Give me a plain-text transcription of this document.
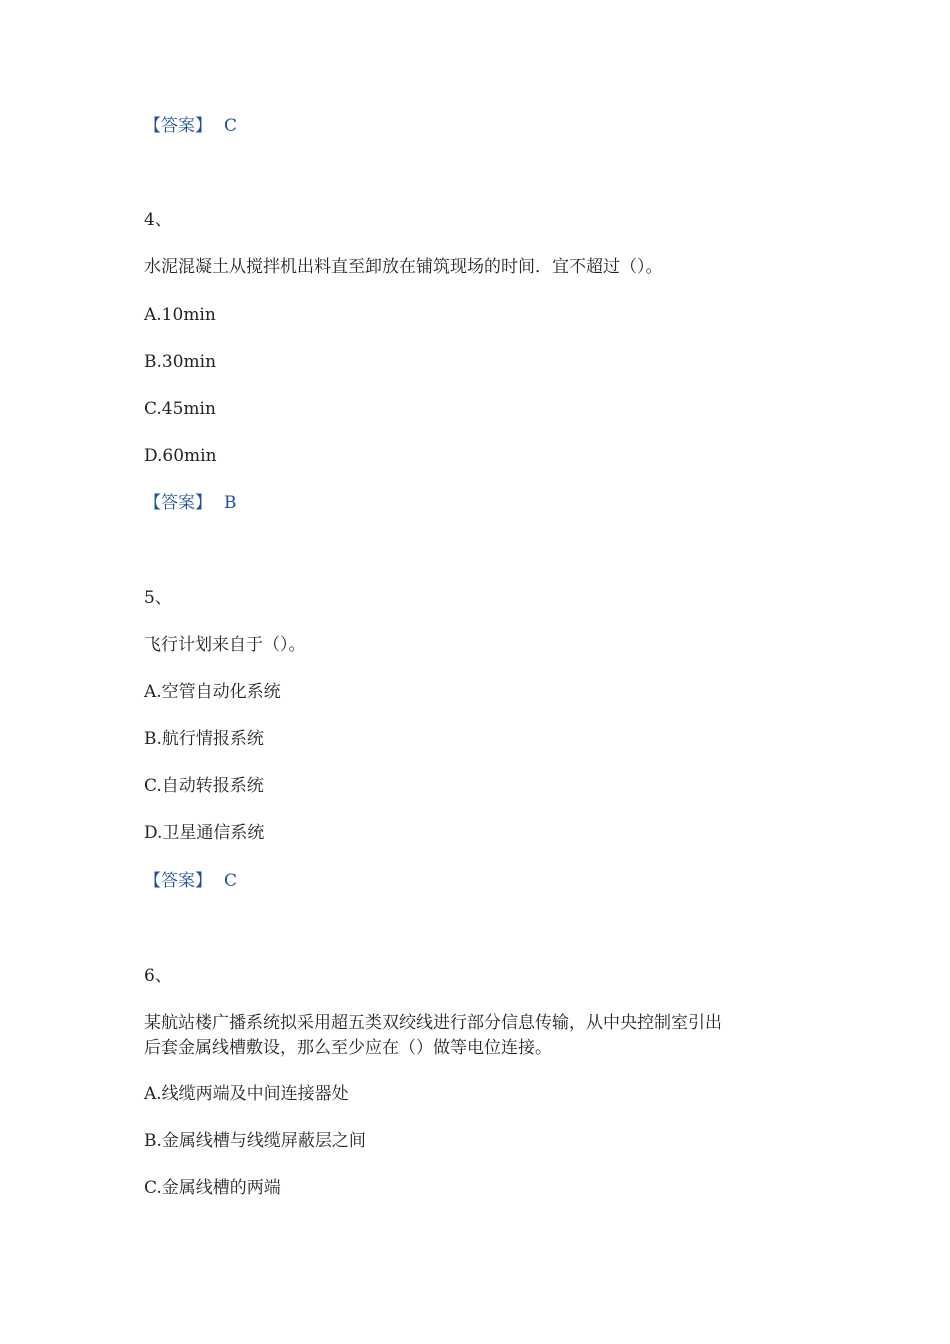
【答案】 C
4、
水泥混凝土从搅拌机出料直至卸放在铺筑现场的时间．宜不超过（）。
A.10min
B.30min
C.45min
D.60min
【答案】 B
5、
飞行计划来自于（）。
A.空管自动化系统
B.航行情报系统
C.自动转报系统
D.卫星通信系统
【答案】 C
6、
某航站楼广播系统拟采用超五类双绞线进行部分信息传输，从中央控制室引出
后套金属线槽敷设，那么至少应在（）做等电位连接。
A.线缆两端及中间连接器处
B.金属线槽与线缆屏蔽层之间
C.金属线槽的两端
